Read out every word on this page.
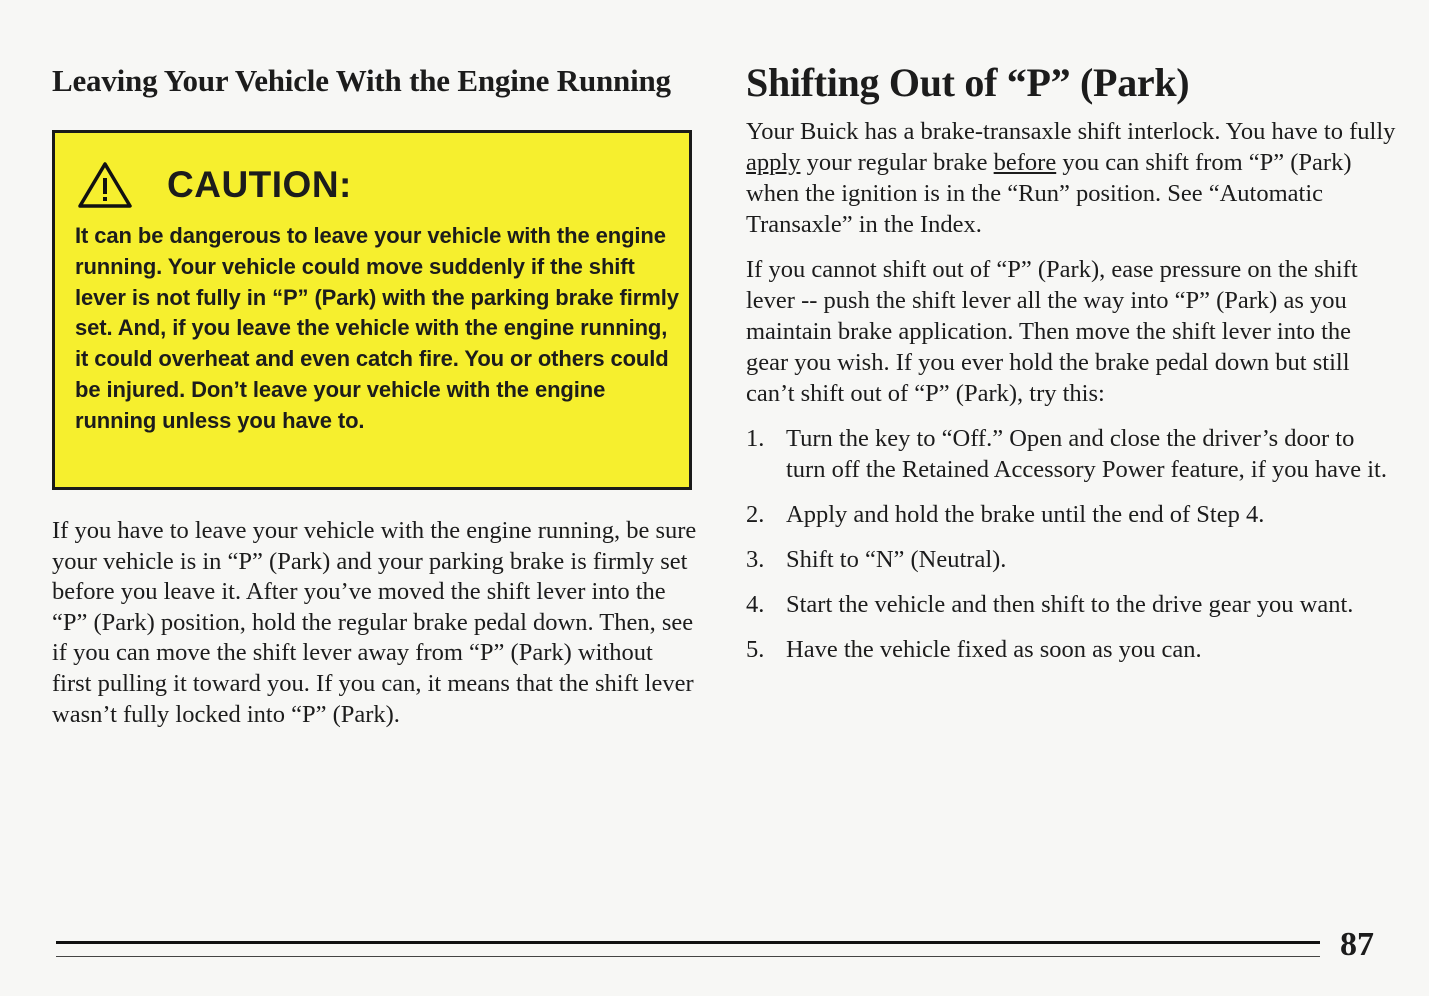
Leaving Your Vehicle With the Engine Running
CAUTION:
It can be dangerous to leave your vehicle with the engine running. Your vehicle could move suddenly if the shift lever is not fully in “P” (Park) with the parking brake firmly set. And, if you leave the vehicle with the engine running, it could overheat and even catch fire. You or others could be injured. Don’t leave your vehicle with the engine running unless you have to.

If you have to leave your vehicle with the engine running, be sure your vehicle is in “P” (Park) and your parking brake is firmly set before you leave it. After you’ve moved the shift lever into the “P” (Park) position, hold the regular brake pedal down. Then, see if you can move the shift lever away from “P” (Park) without first pulling it toward you. If you can, it means that the shift lever wasn’t fully locked into “P” (Park).

Shifting Out of “P” (Park)

Your Buick has a brake-transaxle shift interlock. You have to fully apply your regular brake before you can shift from “P” (Park) when the ignition is in the “Run” position. See “Automatic Transaxle” in the Index.

If you cannot shift out of “P” (Park), ease pressure on the shift lever -- push the shift lever all the way into “P” (Park) as you maintain brake application. Then move the shift lever into the gear you wish. If you ever hold the brake pedal down but still can’t shift out of “P” (Park), try this:

1. Turn the key to “Off.” Open and close the driver’s door to turn off the Retained Accessory Power feature, if you have it.
2. Apply and hold the brake until the end of Step 4.
3. Shift to “N” (Neutral).
4. Start the vehicle and then shift to the drive gear you want.
5. Have the vehicle fixed as soon as you can.
87
